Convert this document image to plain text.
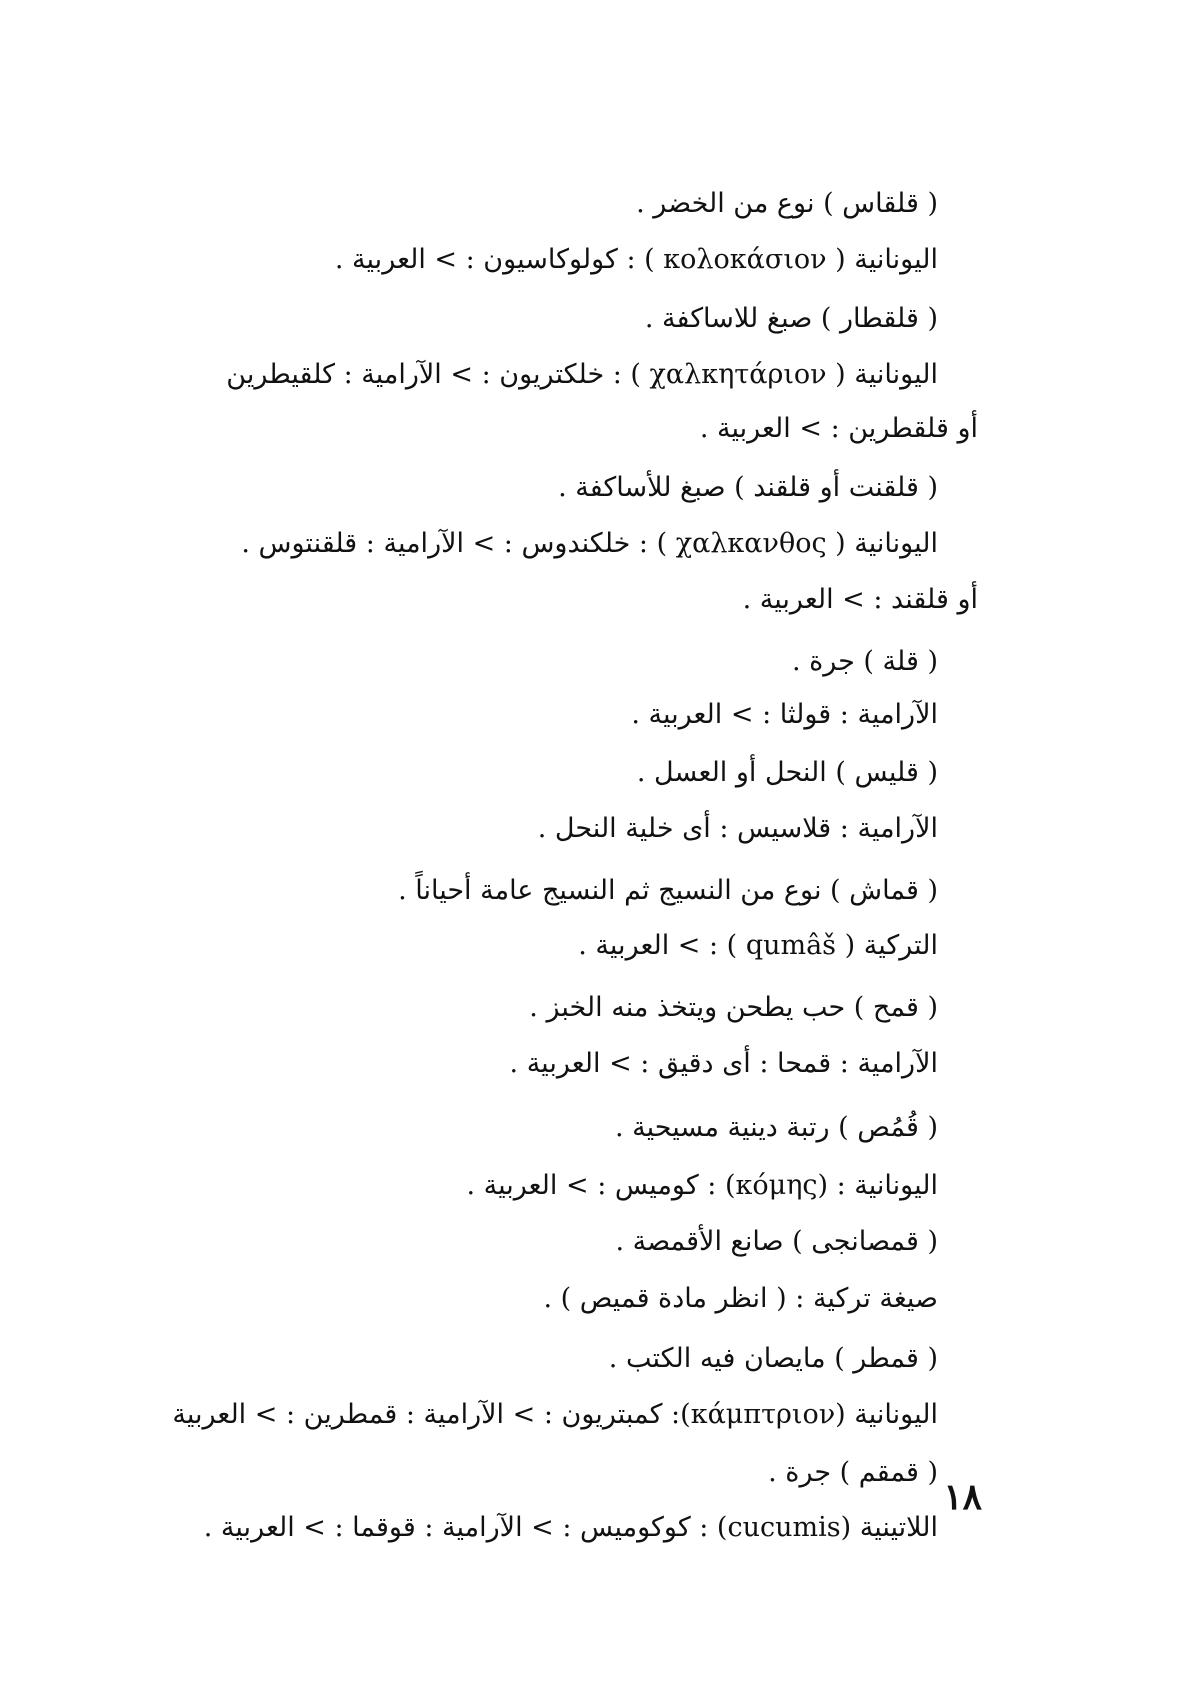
( قلقاس ) نوع من الخضر .
اليونانية ( κολοκάσιον ) : كولوكاسيون : > العربية .
( قلقطار ) صبغ للاساكفة .
اليونانية ( χαλκητάριον ) : خلكتريون : > الآرامية : كلقيطرين
أو قلقطرين : > العربية .
( قلقنت أو قلقند ) صبغ للأساكفة .
اليونانية ( χαλκανθος ) : خلكندوس : > الآرامية : قلقنتوس .
أو قلقند : > العربية .
( قلة ) جرة .
الآرامية : قولثا : > العربية .
( قليس ) النحل أو العسل .
الآرامية : قلاسيس : أى خلية النحل .
( قماش ) نوع من النسيج ثم النسيج عامة أحياناً .
التركية ( qumâš ) : > العربية .
( قمح ) حب يطحن ويتخذ منه الخبز .
الآرامية : قمحا : أى دقيق : > العربية .
( قُمُص ) رتبة دينية مسيحية .
اليونانية : (κόμης) : كوميس : > العربية .
( قمصانجى ) صانع الأقمصة .
صيغة تركية : ( انظر مادة قميص ) .
( قمطر ) مايصان فيه الكتب .
اليونانية (κάμπτριον): كمبتريون : > الآرامية : قمطرين : > العربية
( قمقم ) جرة .
اللاتينية (cucumis) : كوكوميس : > الآرامية : قوقما : > العربية .
١٨
